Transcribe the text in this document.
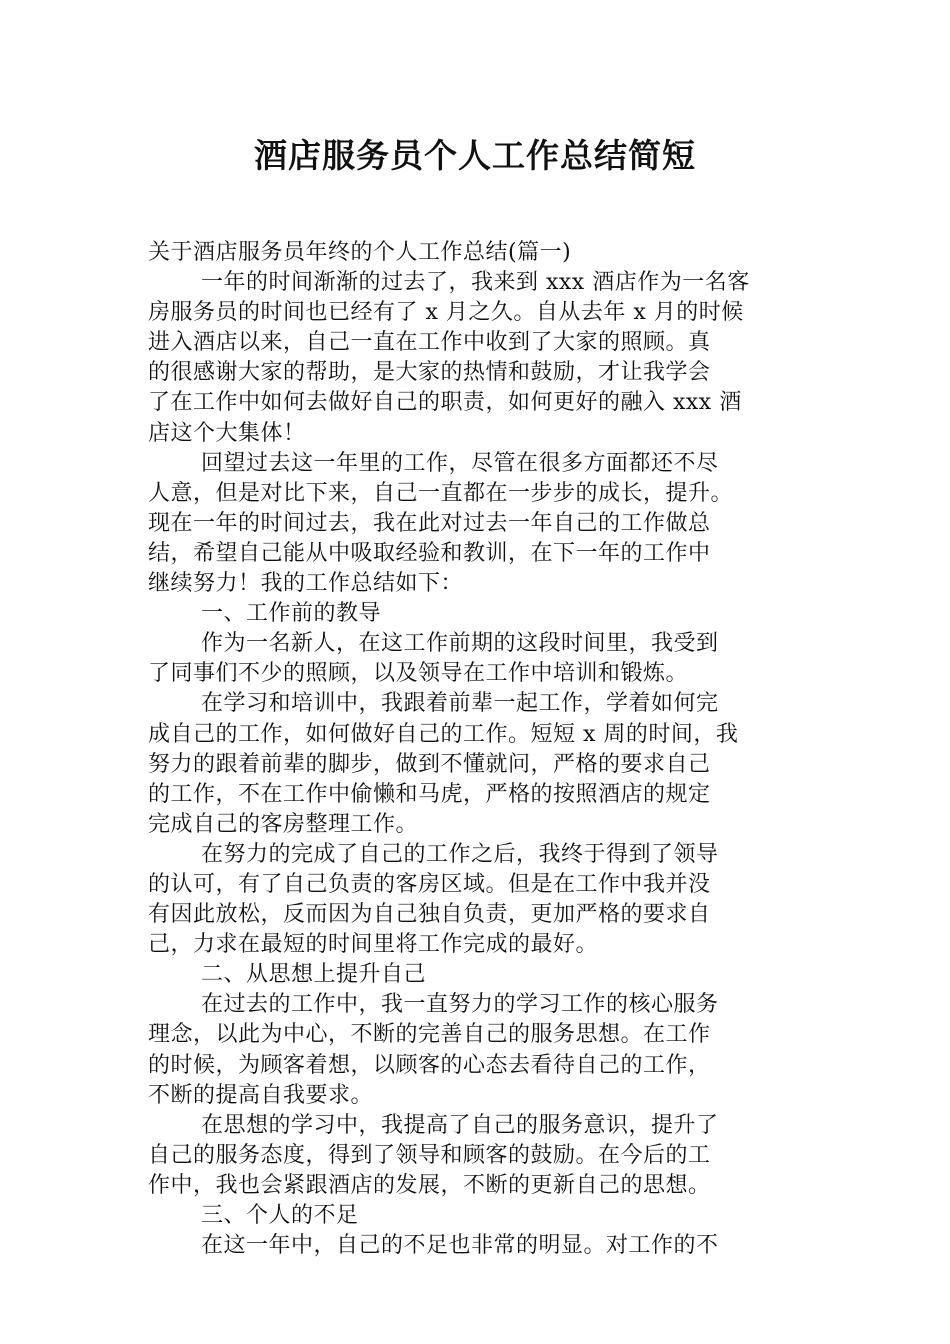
酒店服务员个人工作总结简短
关于酒店服务员年终的个人工作总结(篇一)
一年的时间渐渐的过去了，我来到 xxx 酒店作为一名客
房服务员的时间也已经有了 x 月之久。自从去年 x 月的时候
进入酒店以来，自己一直在工作中收到了大家的照顾。真
的很感谢大家的帮助，是大家的热情和鼓励，才让我学会
了在工作中如何去做好自己的职责，如何更好的融入 xxx 酒
店这个大集体！
回望过去这一年里的工作，尽管在很多方面都还不尽
人意，但是对比下来，自己一直都在一步步的成长，提升。
现在一年的时间过去，我在此对过去一年自己的工作做总
结，希望自己能从中吸取经验和教训，在下一年的工作中
继续努力！我的工作总结如下：
一、工作前的教导
作为一名新人，在这工作前期的这段时间里，我受到
了同事们不少的照顾，以及领导在工作中培训和锻炼。
在学习和培训中，我跟着前辈一起工作，学着如何完
成自己的工作，如何做好自己的工作。短短 x 周的时间，我
努力的跟着前辈的脚步，做到不懂就问，严格的要求自己
的工作，不在工作中偷懒和马虎，严格的按照酒店的规定
完成自己的客房整理工作。
在努力的完成了自己的工作之后，我终于得到了领导
的认可，有了自己负责的客房区域。但是在工作中我并没
有因此放松，反而因为自己独自负责，更加严格的要求自
己，力求在最短的时间里将工作完成的最好。
二、从思想上提升自己
在过去的工作中，我一直努力的学习工作的核心服务
理念，以此为中心，不断的完善自己的服务思想。在工作
的时候，为顾客着想，以顾客的心态去看待自己的工作，
不断的提高自我要求。
在思想的学习中，我提高了自己的服务意识，提升了
自己的服务态度，得到了领导和顾客的鼓励。在今后的工
作中，我也会紧跟酒店的发展，不断的更新自己的思想。
三、个人的不足
在这一年中，自己的不足也非常的明显。对工作的不
